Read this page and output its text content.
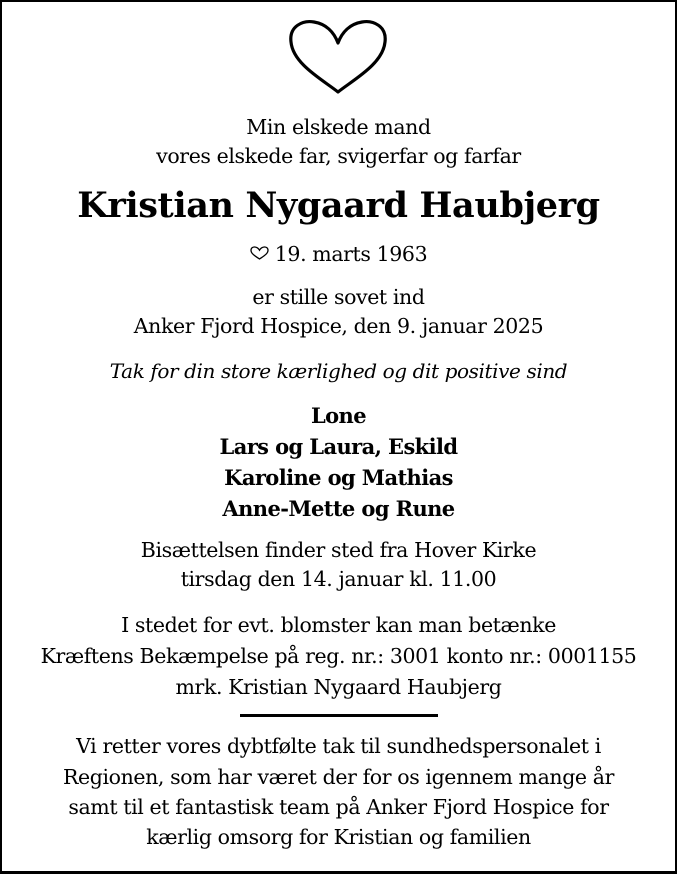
Min elskede mand
vores elskede far, svigerfar og farfar
Kristian Nygaard Haubjerg
19. marts 1963
er stille sovet ind
Anker Fjord Hospice, den 9. januar 2025
Tak for din store kærlighed og dit positive sind
Lone
Lars og Laura, Eskild
Karoline og Mathias
Anne-Mette og Rune
Bisættelsen finder sted fra Hover Kirke
tirsdag den 14. januar kl. 11.00
I stedet for evt. blomster kan man betænke
Kræftens Bekæmpelse på reg. nr.: 3001 konto nr.: 0001155
mrk. Kristian Nygaard Haubjerg
Vi retter vores dybtfølte tak til sundhedspersonalet i
Regionen, som har været der for os igennem mange år
samt til et fantastisk team på Anker Fjord Hospice for
kærlig omsorg for Kristian og familien
